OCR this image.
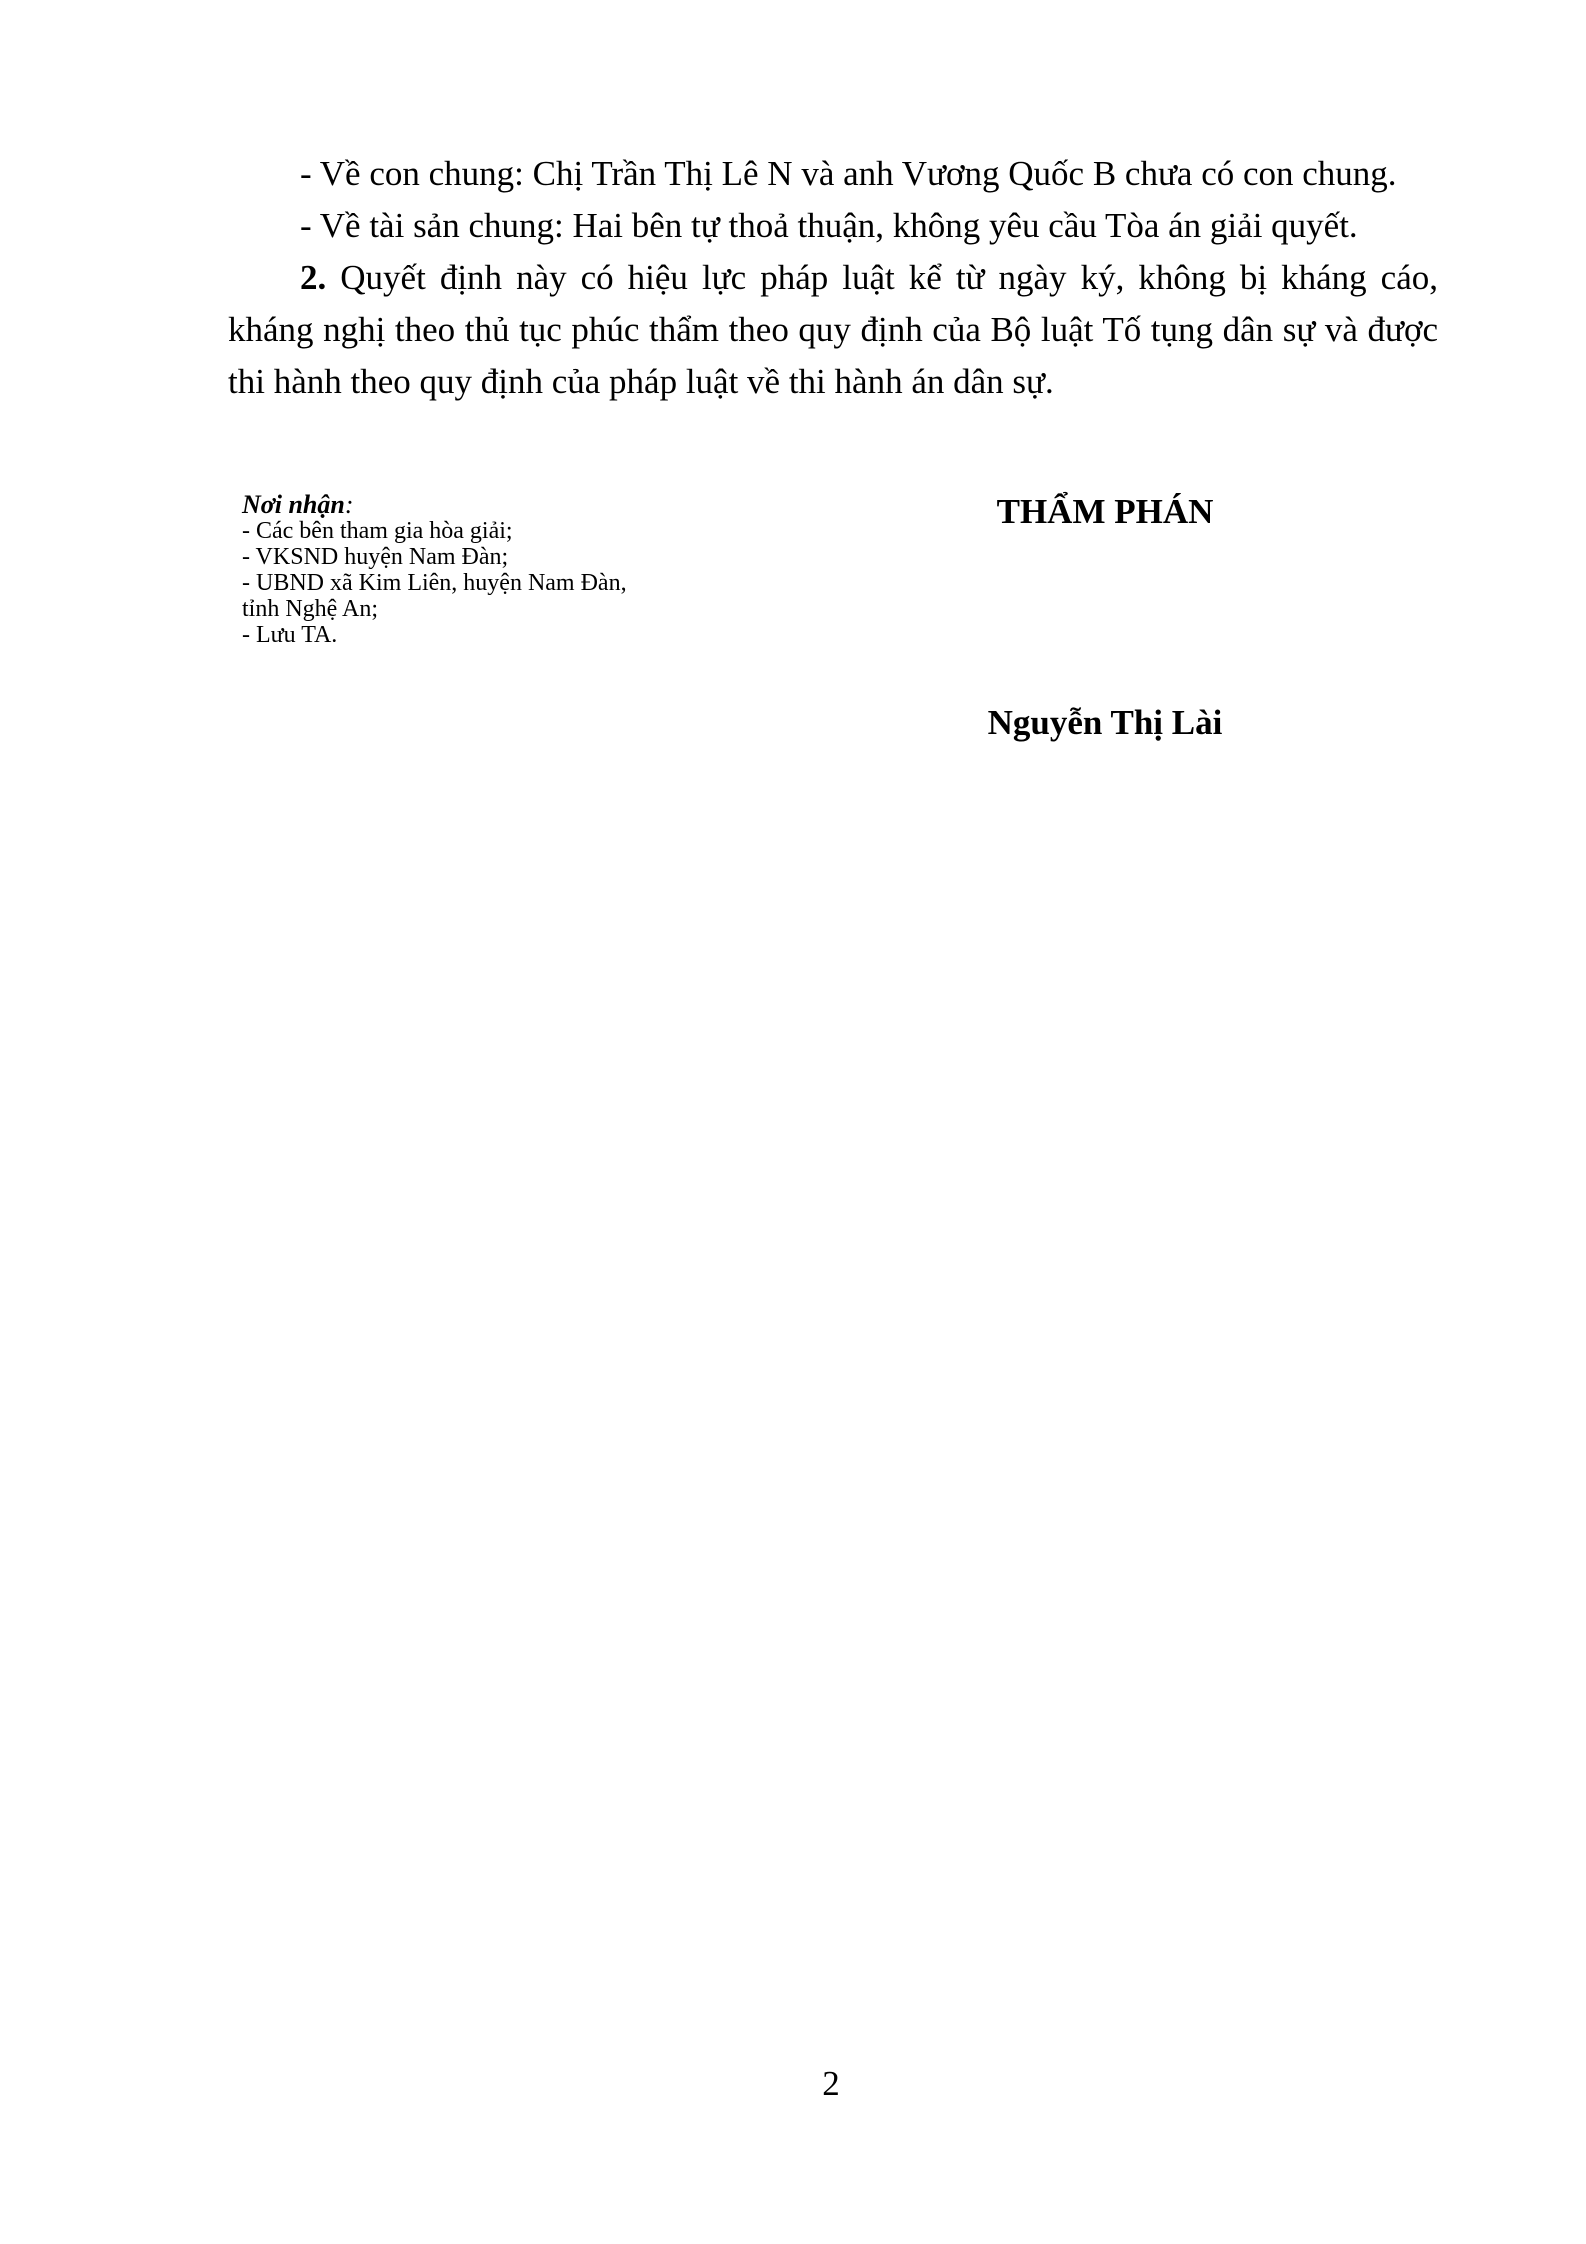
- Về con chung: Chị Trần Thị Lê N và anh Vương Quốc B chưa có con chung.

- Về tài sản chung: Hai bên tự thoả thuận, không yêu cầu Tòa án giải quyết.

2. Quyết định này có hiệu lực pháp luật kể từ ngày ký, không bị kháng cáo, kháng nghị theo thủ tục phúc thẩm theo quy định của Bộ luật Tố tụng dân sự và được thi hành theo quy định của pháp luật về thi hành án dân sự.

Nơi nhận:
- Các bên tham gia hòa giải;
- VKSND huyện Nam Đàn;
- UBND xã Kim Liên, huyện Nam Đàn,
tỉnh Nghệ An;
- Lưu TA.
THẨM PHÁN
Nguyễn Thị Lài
2
